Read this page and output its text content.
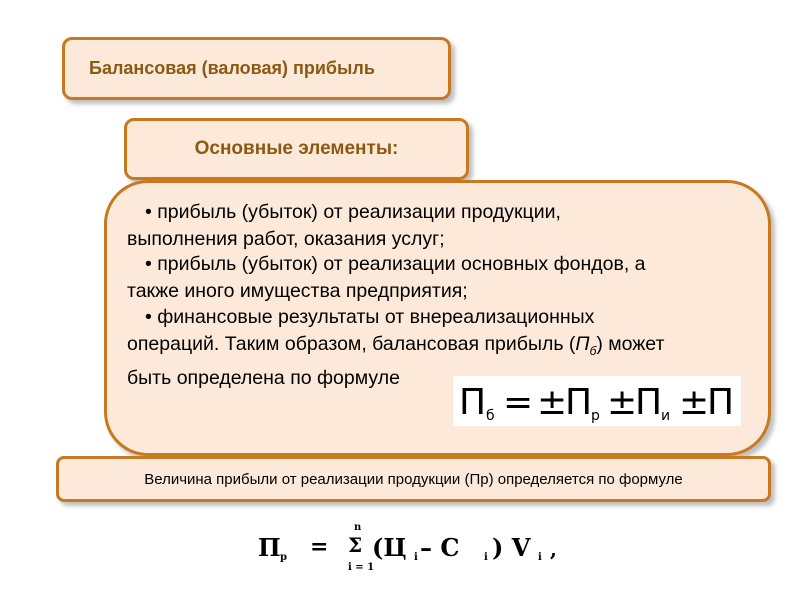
Балансовая (валовая) прибыль
Основные элементы:
• прибыль (убыток) от реализации продукции,
выполнения работ, оказания услуг;
• прибыль (убыток) от реализации основных фондов, а
также иного имущества предприятия;
• финансовые результаты от внереализационных
операций. Таким образом, балансовая прибыль $(П_б)$ может
быть определена по формуле
П б = ±
П
р ±
П
и ±
П
Величина прибыли от реализации продукции (Пр) определяется по формуле
П р =
n
Σ
i = 1
(Ц i – С i ) V i ,
